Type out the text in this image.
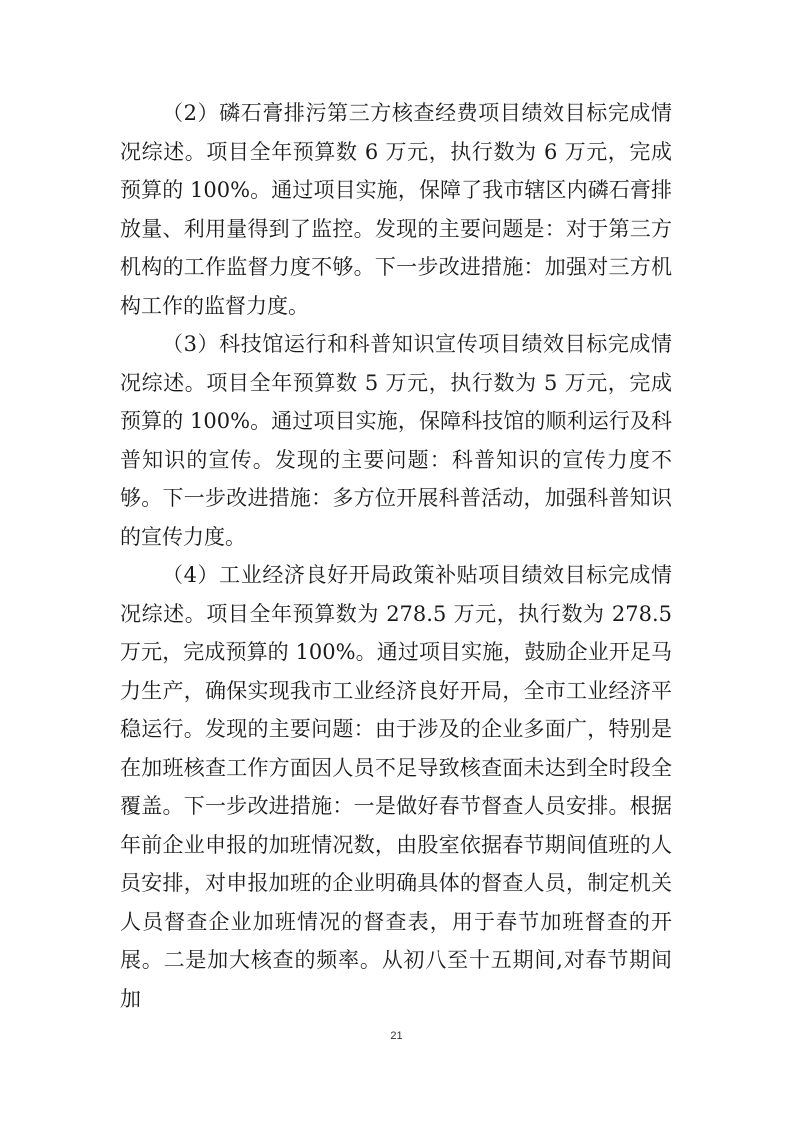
（2）磷石膏排污第三方核查经费项目绩效目标完成情况综述。项目全年预算数 6 万元，执行数为 6 万元，完成预算的 100%。通过项目实施，保障了我市辖区内磷石膏排放量、利用量得到了监控。发现的主要问题是：对于第三方机构的工作监督力度不够。下一步改进措施：加强对三方机构工作的监督力度。

（3）科技馆运行和科普知识宣传项目绩效目标完成情况综述。项目全年预算数 5 万元，执行数为 5 万元，完成预算的 100%。通过项目实施，保障科技馆的顺利运行及科普知识的宣传。发现的主要问题：科普知识的宣传力度不够。下一步改进措施：多方位开展科普活动，加强科普知识的宣传力度。

（4）工业经济良好开局政策补贴项目绩效目标完成情况综述。项目全年预算数为 278.5 万元，执行数为 278.5 万元，完成预算的 100%。通过项目实施，鼓励企业开足马力生产，确保实现我市工业经济良好开局，全市工业经济平稳运行。发现的主要问题：由于涉及的企业多面广，特别是在加班核查工作方面因人员不足导致核查面未达到全时段全覆盖。下一步改进措施：一是做好春节督查人员安排。根据年前企业申报的加班情况数，由股室依据春节期间值班的人员安排，对申报加班的企业明确具体的督查人员，制定机关人员督查企业加班情况的督查表，用于春节加班督查的开展。二是加大核查的频率。从初八至十五期间,对春节期间加

21
